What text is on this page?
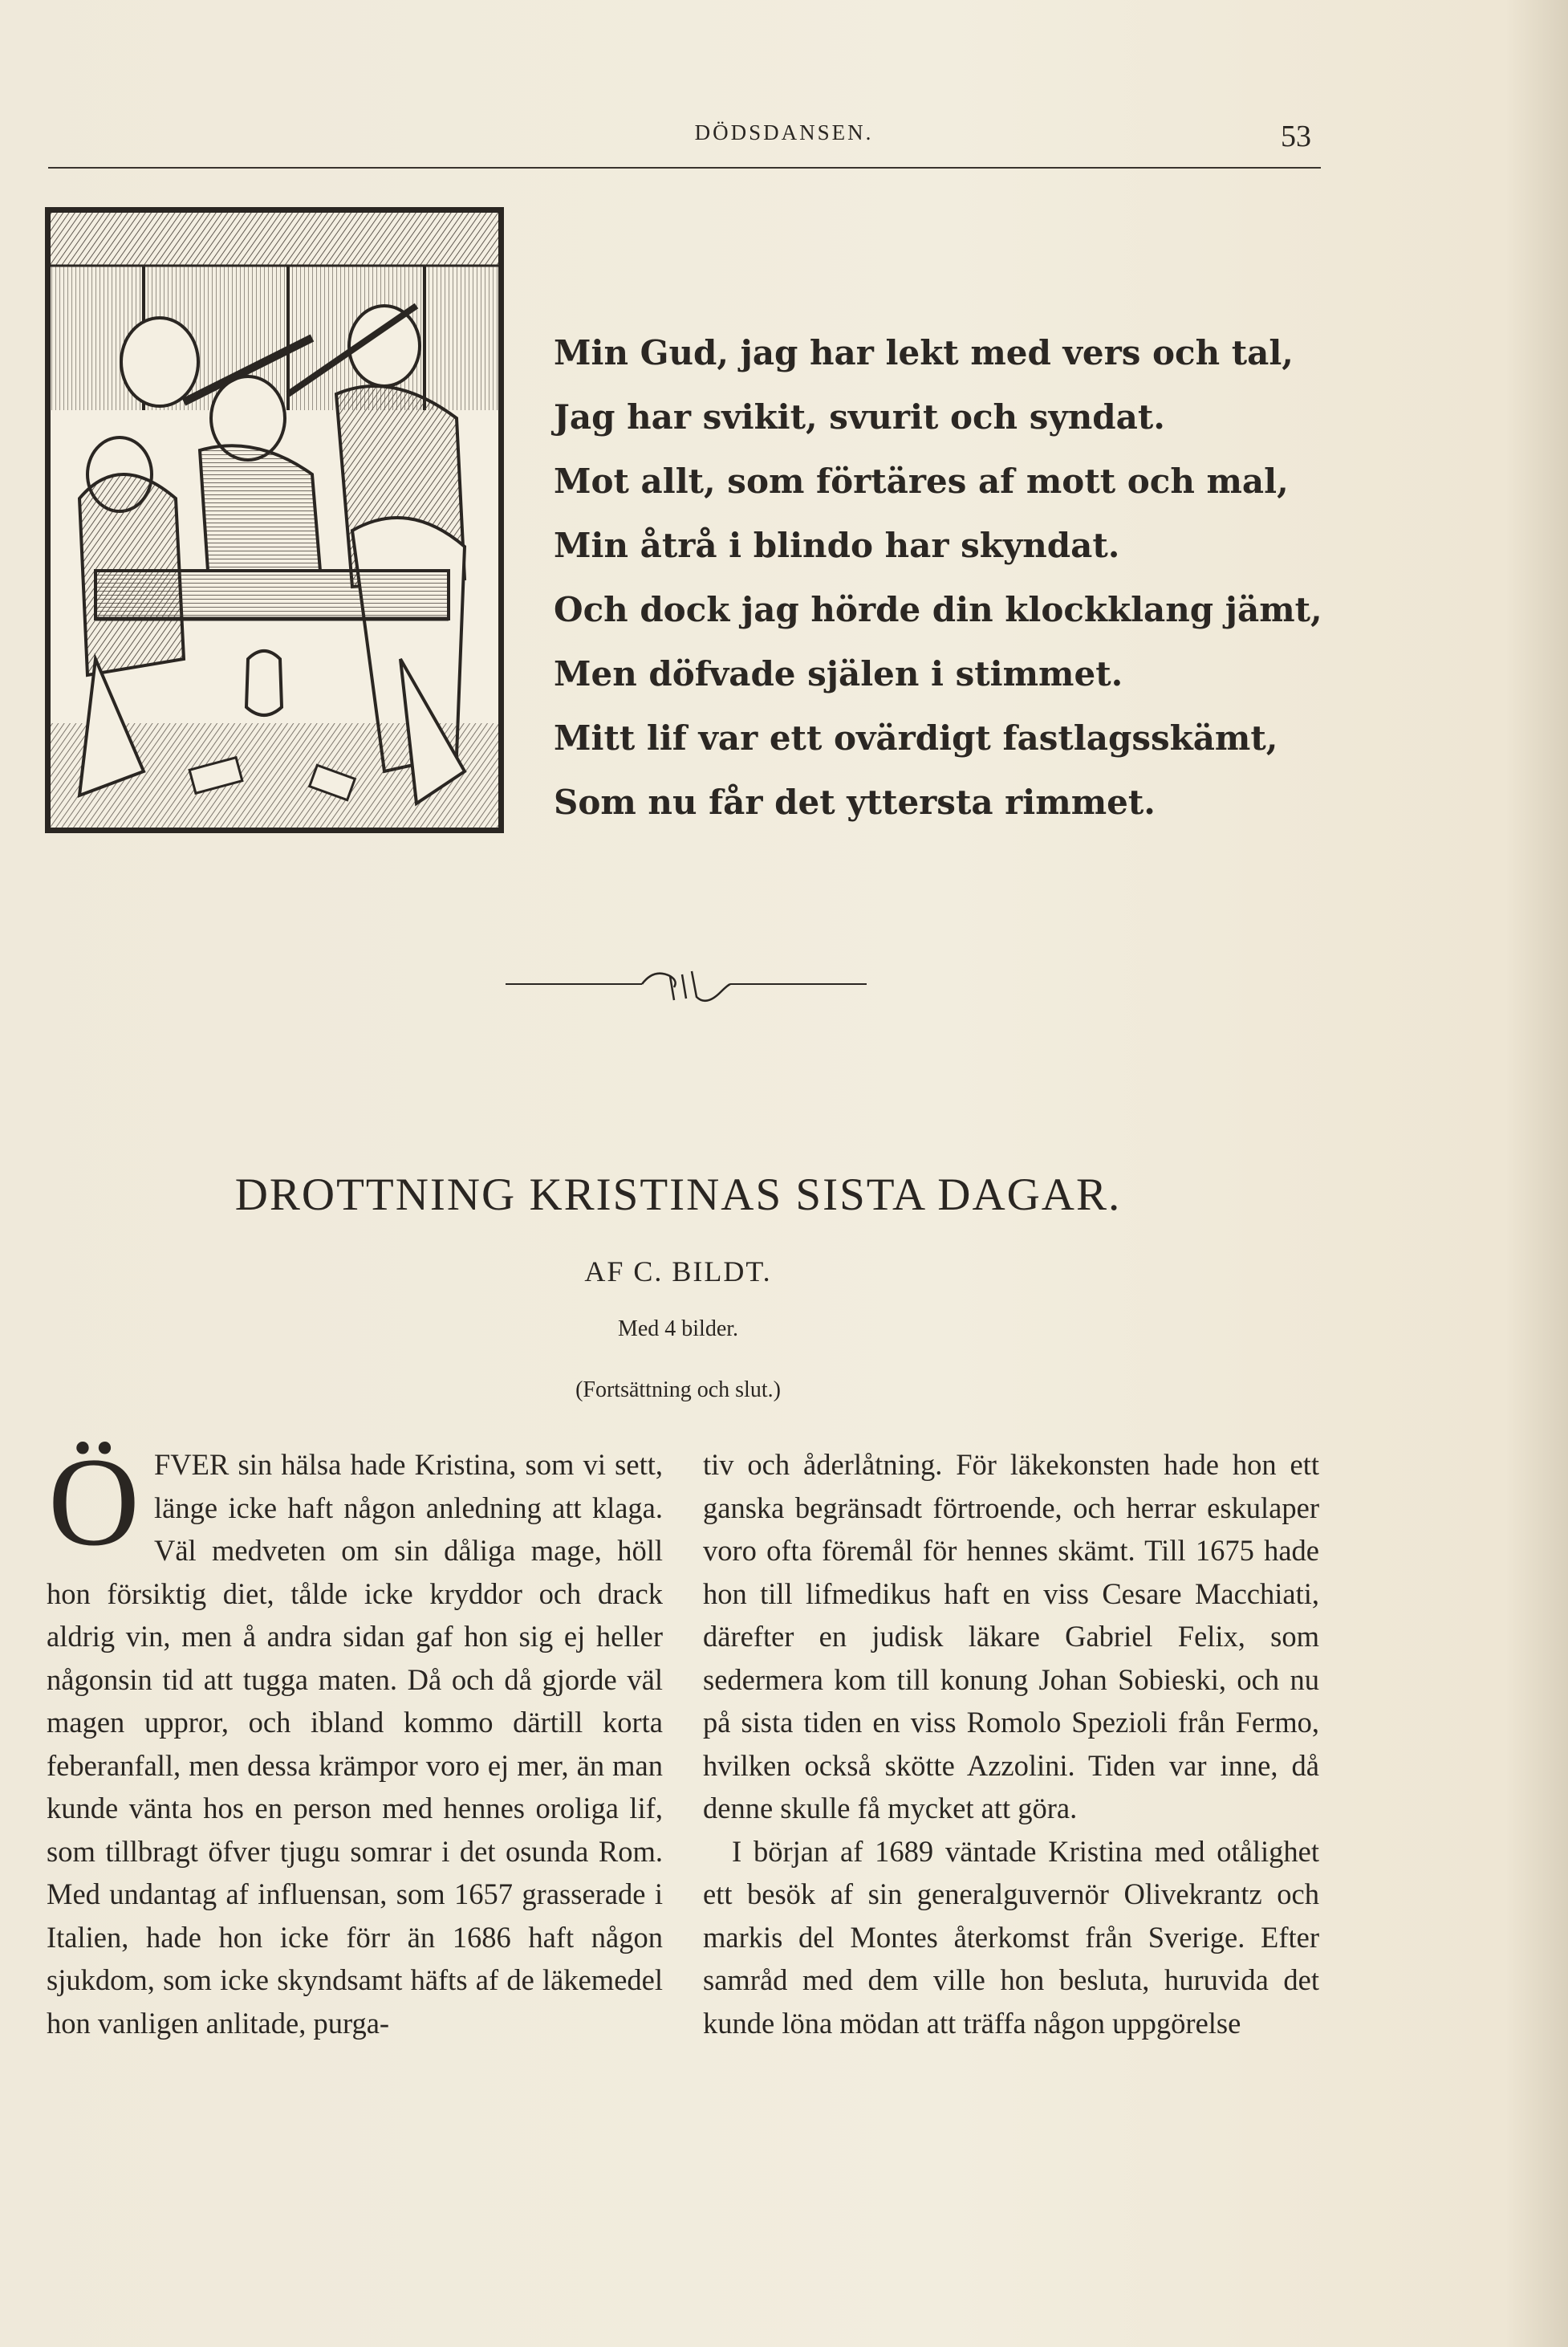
DÖDSDANSEN.	53
Min Gud, jag har lekt med vers och tal,
Jag har svikit, svurit och syndat.
Mot allt, som förtäres af mott och mal,
Min åtrå i blindo har skyndat.
Och dock jag hörde din klockklang jämt,
Men döfvade själen i stimmet.
Mitt lif var ett ovärdigt fastlagsskämt,
Som nu får det yttersta rimmet.
DROTTNING KRISTINAS SISTA DAGAR.
AF C. BILDT.
Med 4 bilder.
(Fortsättning och slut.)

ÖFVER sin hälsa hade Kristina, som vi sett, länge icke haft någon anledning att klaga. Väl medveten om sin dåliga mage, höll hon försiktig diet, tålde icke kryddor och drack aldrig vin, men å andra sidan gaf hon sig ej heller någonsin tid att tugga maten. Då och då gjorde väl magen uppror, och ibland kommo därtill korta feberanfall, men dessa krämpor voro ej mer, än man kunde vänta hos en person med hennes oroliga lif, som tillbragt öfver tjugu somrar i det osunda Rom. Med undantag af influensan, som 1657 grasserade i Italien, hade hon icke förr än 1686 haft någon sjukdom, som icke skyndsamt häfts af de läkemedel hon vanligen anlitade, purga-

tiv och åderlåtning. För läkekonsten hade hon ett ganska begränsadt förtroende, och herrar eskulaper voro ofta föremål för hennes skämt. Till 1675 hade hon till lifmedikus haft en viss Cesare Macchiati, därefter en judisk läkare Gabriel Felix, som sedermera kom till konung Johan Sobieski, och nu på sista tiden en viss Romolo Spezioli från Fermo, hvilken också skötte Azzolini. Tiden var inne, då denne skulle få mycket att göra.

I början af 1689 väntade Kristina med otålighet ett besök af sin generalguvernör Olivekrantz och markis del Montes återkomst från Sverige. Efter samråd med dem ville hon besluta, huruvida det kunde löna mödan att träffa någon uppgörelse
